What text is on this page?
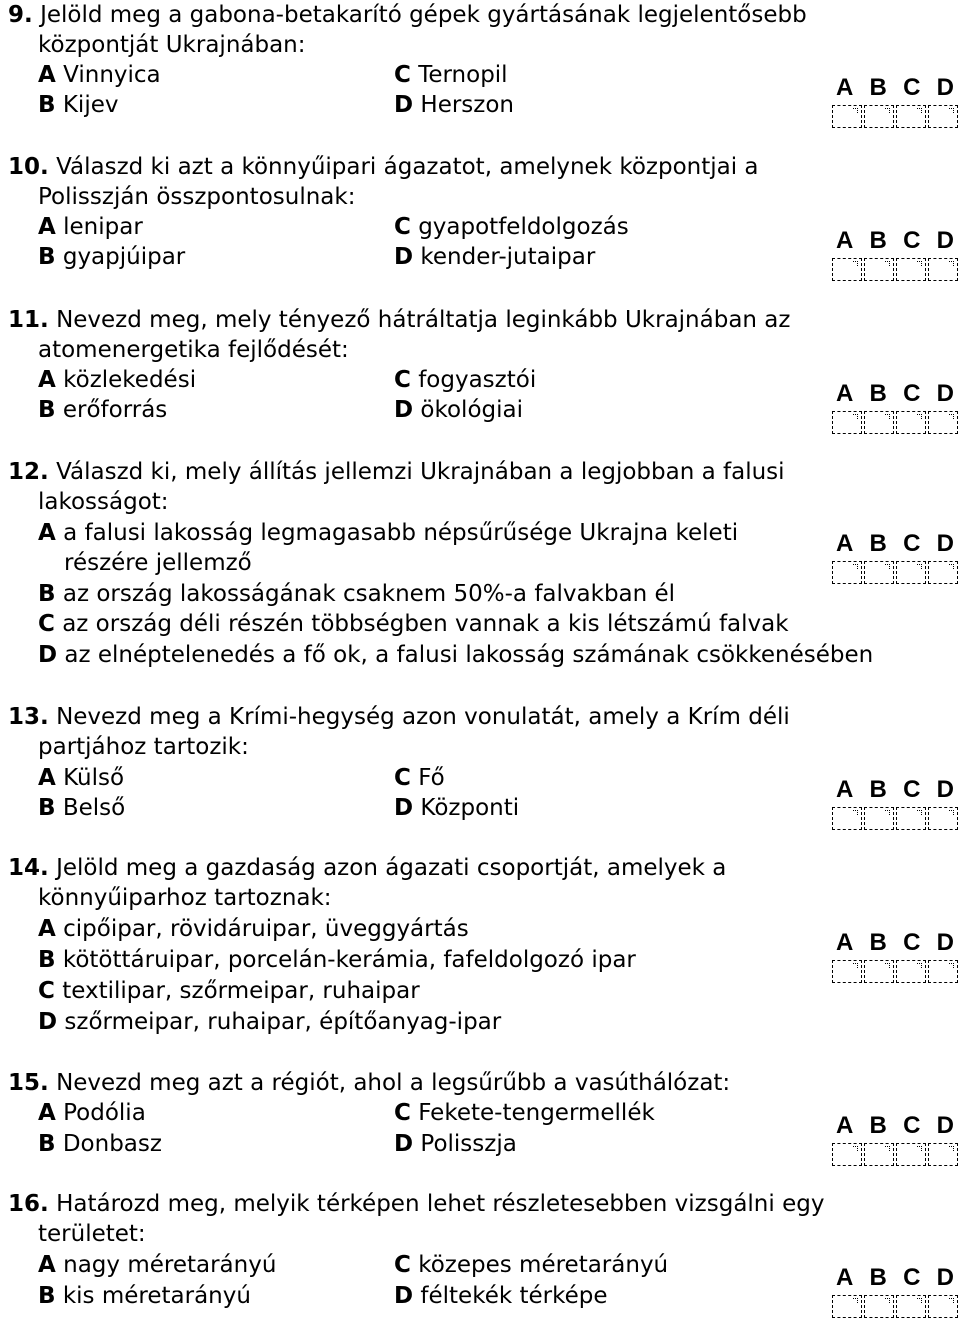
9. Jelöld meg a gabona-betakarító gépek gyártásának legjelentősebb
központját Ukrajnában:
A Vinnyica	C Ternopil
B Kijev	D Herszon
A B C D
10. Válaszd ki azt a könnyűipari ágazatot, amelynek központjai a
Polisszján összpontosulnak:
A lenipar	C gyapotfeldolgozás
B gyapjúipar	D kender-jutaipar
A B C D
11. Nevezd meg, mely tényező hátráltatja leginkább Ukrajnában az
atomenergetika fejlődését:
A közlekedési	C fogyasztói
B erőforrás	D ökológiai
A B C D
12. Válaszd ki, mely állítás jellemzi Ukrajnában a legjobban a falusi
lakosságot:
A a falusi lakosság legmagasabb népsűrűsége Ukrajna keleti
részére jellemző
B az ország lakosságának csaknem 50%-a falvakban él
C az ország déli részén többségben vannak a kis létszámú falvak
D az elnéptelenedés a fő ok, a falusi lakosság számának csökkenésében
A B C D
13. Nevezd meg a Krími-hegység azon vonulatát, amely a Krím déli
partjához tartozik:
A Külső	C Fő
B Belső	D Központi
A B C D
14. Jelöld meg a gazdaság azon ágazati csoportját, amelyek a
könnyűiparhoz tartoznak:
A cipőipar, rövidáruipar, üveggyártás
B kötöttáruipar, porcelán-kerámia, fafeldolgozó ipar
C textilipar, szőrmeipar, ruhaipar
D szőrmeipar, ruhaipar, építőanyag-ipar
A B C D
15. Nevezd meg azt a régiót, ahol a legsűrűbb a vasúthálózat:
A Podólia	C Fekete-tengermellék
B Donbasz	D Polisszja
A B C D
16. Határozd meg, melyik térképen lehet részletesebben vizsgálni egy
területet:
A nagy méretarányú	C közepes méretarányú
B kis méretarányú	D féltekék térképe
A B C D
